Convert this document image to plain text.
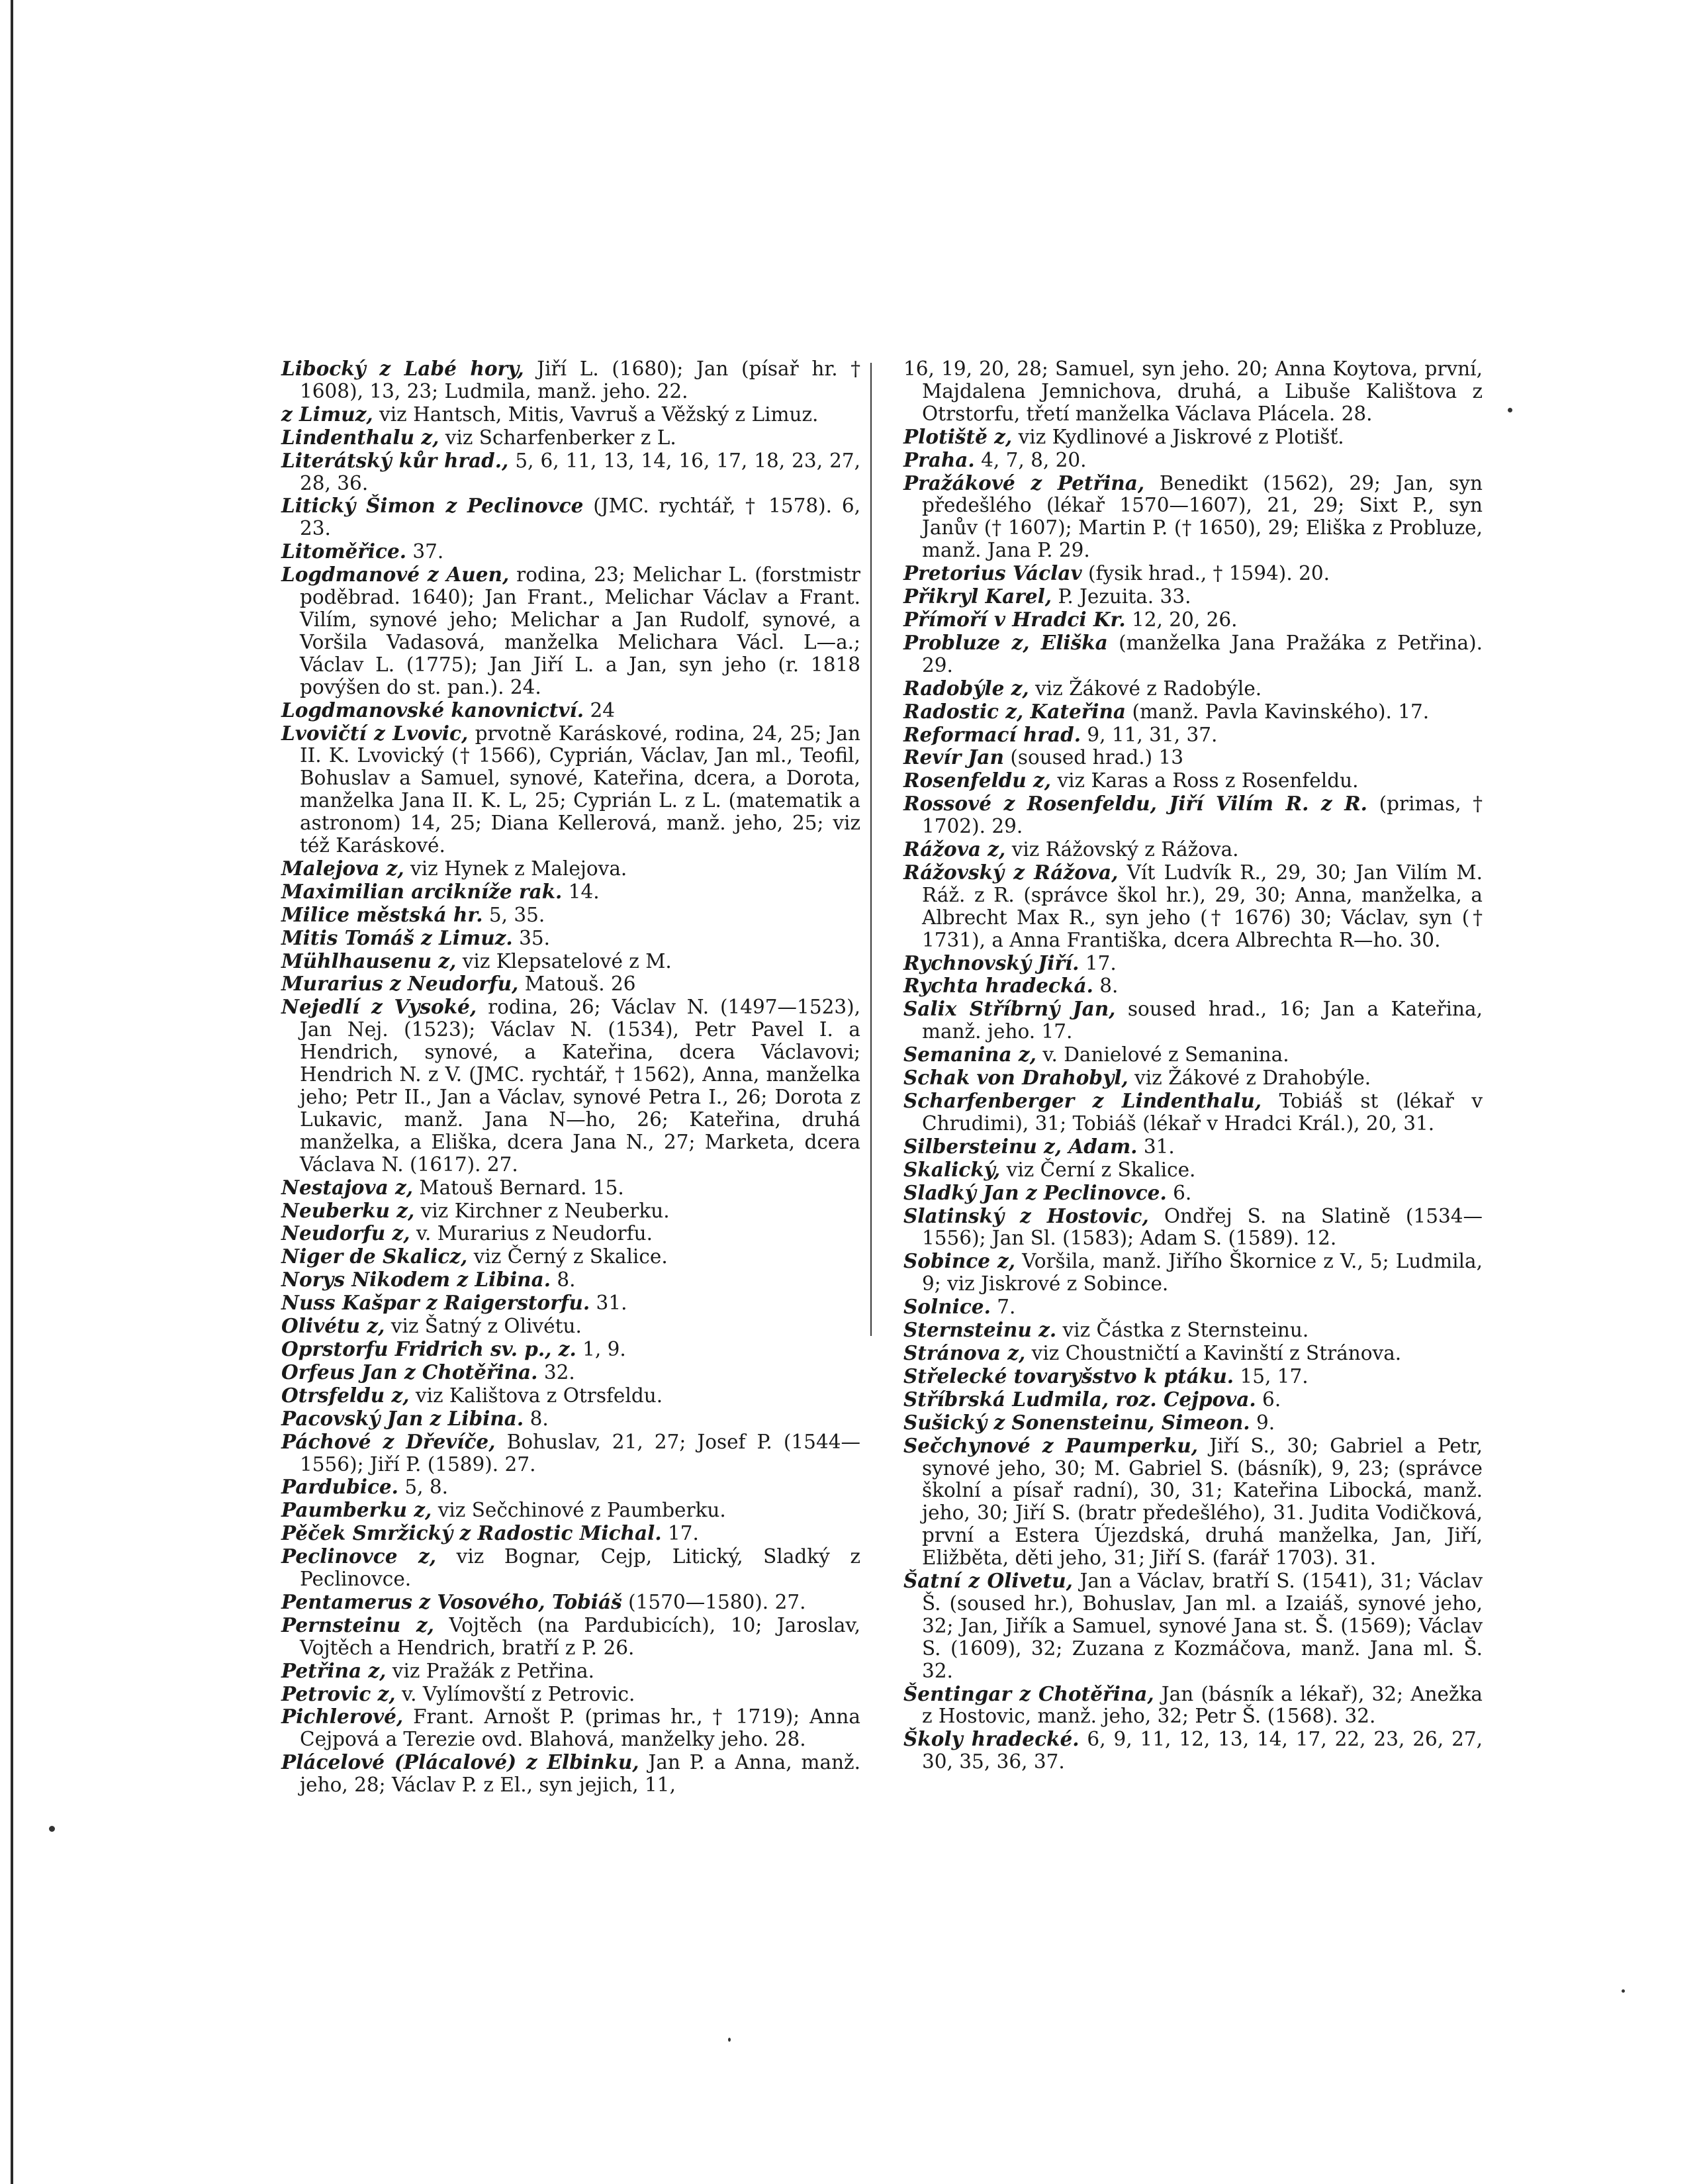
Libocký z Labé hory, Jiří L. (1680); Jan (písař hr. † 1608), 13, 23; Ludmila, manž. jeho. 22.

z Limuz, viz Hantsch, Mitis, Vavruš a Věžský z Limuz.

Lindenthalu z, viz Scharfenberker z L.

Literátský kůr hrad., 5, 6, 11, 13, 14, 16, 17, 18, 23, 27, 28, 36.

Litický Šimon z Peclinovce (JMC. rychtář, † 1578). 6, 23.

Litoměřice. 37.

Logdmanové z Auen, rodina, 23; Melichar L. (forstmistr poděbrad. 1640); Jan Frant., Melichar Václav a Frant. Vilím, synové jeho; Melichar a Jan Rudolf, synové, a Voršila Vadasová, manželka Melichara Václ. L—a.; Václav L. (1775); Jan Jiří L. a Jan, syn jeho (r. 1818 povýšen do st. pan.). 24.

Logdmanovské kanovnictví. 24

Lvovičtí z Lvovic, prvotně Karáskové, rodina, 24, 25; Jan II. K. Lvovický († 1566), Cyprián, Václav, Jan ml., Teofil, Bohuslav a Samuel, synové, Kateřina, dcera, a Dorota, manželka Jana II. K. L, 25; Cyprián L. z L. (matematik a astronom) 14, 25; Diana Kellerová, manž. jeho, 25; viz též Karáskové.

Malejova z, viz Hynek z Malejova.

Maximilian arcikníže rak. 14.

Milice městská hr. 5, 35.

Mitis Tomáš z Limuz. 35.

Mühlhausenu z, viz Klepsatelové z M.

Murarius z Neudorfu, Matouš. 26

Nejedlí z Vysoké, rodina, 26; Václav N. (1497—1523), Jan Nej. (1523); Václav N. (1534), Petr Pavel I. a Hendrich, synové, a Kateřina, dcera Václavovi; Hendrich N. z V. (JMC. rychtář, † 1562), Anna, manželka jeho; Petr II., Jan a Václav, synové Petra I., 26; Dorota z Lukavic, manž. Jana N—ho, 26; Kateřina, druhá manželka, a Eliška, dcera Jana N., 27; Marketa, dcera Václava N. (1617). 27.

Nestajova z, Matouš Bernard. 15.

Neuberku z, viz Kirchner z Neuberku.

Neudorfu z, v. Murarius z Neudorfu.

Niger de Skalicz, viz Černý z Skalice.

Norys Nikodem z Libina. 8.

Nuss Kašpar z Raigerstorfu. 31.

Olivétu z, viz Šatný z Olivétu.

Oprstorfu Fridrich sv. p., z. 1, 9.

Orfeus Jan z Chotěřina. 32.

Otrsfeldu z, viz Kalištova z Otrsfeldu.

Pacovský Jan z Libina. 8.

Páchové z Dřevíče, Bohuslav, 21, 27; Josef P. (1544—1556); Jiří P. (1589). 27.

Pardubice. 5, 8.

Paumberku z, viz Sečchinové z Paumberku.

Pěček Smržický z Radostic Michal. 17.

Peclinovce z, viz Bognar, Cejp, Litický, Sladký z Peclinovce.

Pentamerus z Vosového, Tobiáš (1570—1580). 27.

Pernsteinu z, Vojtěch (na Pardubicích), 10; Jaroslav, Vojtěch a Hendrich, bratří z P. 26.

Petřina z, viz Pražák z Petřina.

Petrovic z, v. Vylímovští z Petrovic.

Pichlerové, Frant. Arnošt P. (primas hr., † 1719); Anna Cejpová a Terezie ovd. Blahová, manželky jeho. 28.

Plácelové (Plácalové) z Elbinku, Jan P. a Anna, manž. jeho, 28; Václav P. z El., syn jejich, 11,

16, 19, 20, 28; Samuel, syn jeho. 20; Anna Koytova, první, Majdalena Jemnichova, druhá, a Libuše Kalištova z Otrstorfu, třetí manželka Václava Plácela. 28.

Plotiště z, viz Kydlinové a Jiskrové z Plotišť.

Praha. 4, 7, 8, 20.

Pražákové z Petřina, Benedikt (1562), 29; Jan, syn předešlého (lékař 1570—1607), 21, 29; Sixt P., syn Janův († 1607); Martin P. († 1650), 29; Eliška z Probluze, manž. Jana P. 29.

Pretorius Václav (fysik hrad., † 1594). 20.

Přikryl Karel, P. Jezuita. 33.

Přímoří v Hradci Kr. 12, 20, 26.

Probluze z, Eliška (manželka Jana Pražáka z Petřina). 29.

Radobýle z, viz Žákové z Radobýle.

Radostic z, Kateřina (manž. Pavla Kavinského). 17.

Reformací hrad. 9, 11, 31, 37.

Revír Jan (soused hrad.) 13

Rosenfeldu z, viz Karas a Ross z Rosenfeldu.

Rossové z Rosenfeldu, Jiří Vilím R. z R. (primas, † 1702). 29.

Rážova z, viz Rážovský z Rážova.

Rážovský z Rážova, Vít Ludvík R., 29, 30; Jan Vilím M. Ráž. z R. (správce škol hr.), 29, 30; Anna, manželka, a Albrecht Max R., syn jeho († 1676) 30; Václav, syn († 1731), a Anna Františka, dcera Albrechta R—ho. 30.

Rychnovský Jiří. 17.

Rychta hradecká. 8.

Salix Stříbrný Jan, soused hrad., 16; Jan a Kateřina, manž. jeho. 17.

Semanina z, v. Danielové z Semanina.

Schak von Drahobyl, viz Žákové z Drahobýle.

Scharfenberger z Lindenthalu, Tobiáš st (lékař v Chrudimi), 31; Tobiáš (lékař v Hradci Král.), 20, 31.

Silbersteinu z, Adam. 31.

Skalický, viz Černí z Skalice.

Sladký Jan z Peclinovce. 6.

Slatinský z Hostovic, Ondřej S. na Slatině (1534—1556); Jan Sl. (1583); Adam S. (1589). 12.

Sobince z, Voršila, manž. Jiřího Škornice z V., 5; Ludmila, 9; viz Jiskrové z Sobince.

Solnice. 7.

Sternsteinu z. viz Částka z Sternsteinu.

Stránova z, viz Choustničtí a Kavinští z Stránova.

Střelecké tovaryšstvo k ptáku. 15, 17.

Stříbrská Ludmila, roz. Cejpova. 6.

Sušický z Sonensteinu, Simeon. 9.

Sečchynové z Paumperku, Jiří S., 30; Gabriel a Petr, synové jeho, 30; M. Gabriel S. (básník), 9, 23; (správce školní a písař radní), 30, 31; Kateřina Libocká, manž. jeho, 30; Jiří S. (bratr předešlého), 31. Judita Vodičková, první a Estera Újezdská, druhá manželka, Jan, Jiří, Eližběta, děti jeho, 31; Jiří S. (farář 1703). 31.

Šatní z Olivetu, Jan a Václav, bratří S. (1541), 31; Václav Š. (soused hr.), Bohuslav, Jan ml. a Izaiáš, synové jeho, 32; Jan, Jiřík a Samuel, synové Jana st. Š. (1569); Václav S. (1609), 32; Zuzana z Kozmáčova, manž. Jana ml. Š. 32.

Šentingar z Chotěřina, Jan (básník a lékař), 32; Anežka z Hostovic, manž. jeho, 32; Petr Š. (1568). 32.

Školy hradecké. 6, 9, 11, 12, 13, 14, 17, 22, 23, 26, 27, 30, 35, 36, 37.
